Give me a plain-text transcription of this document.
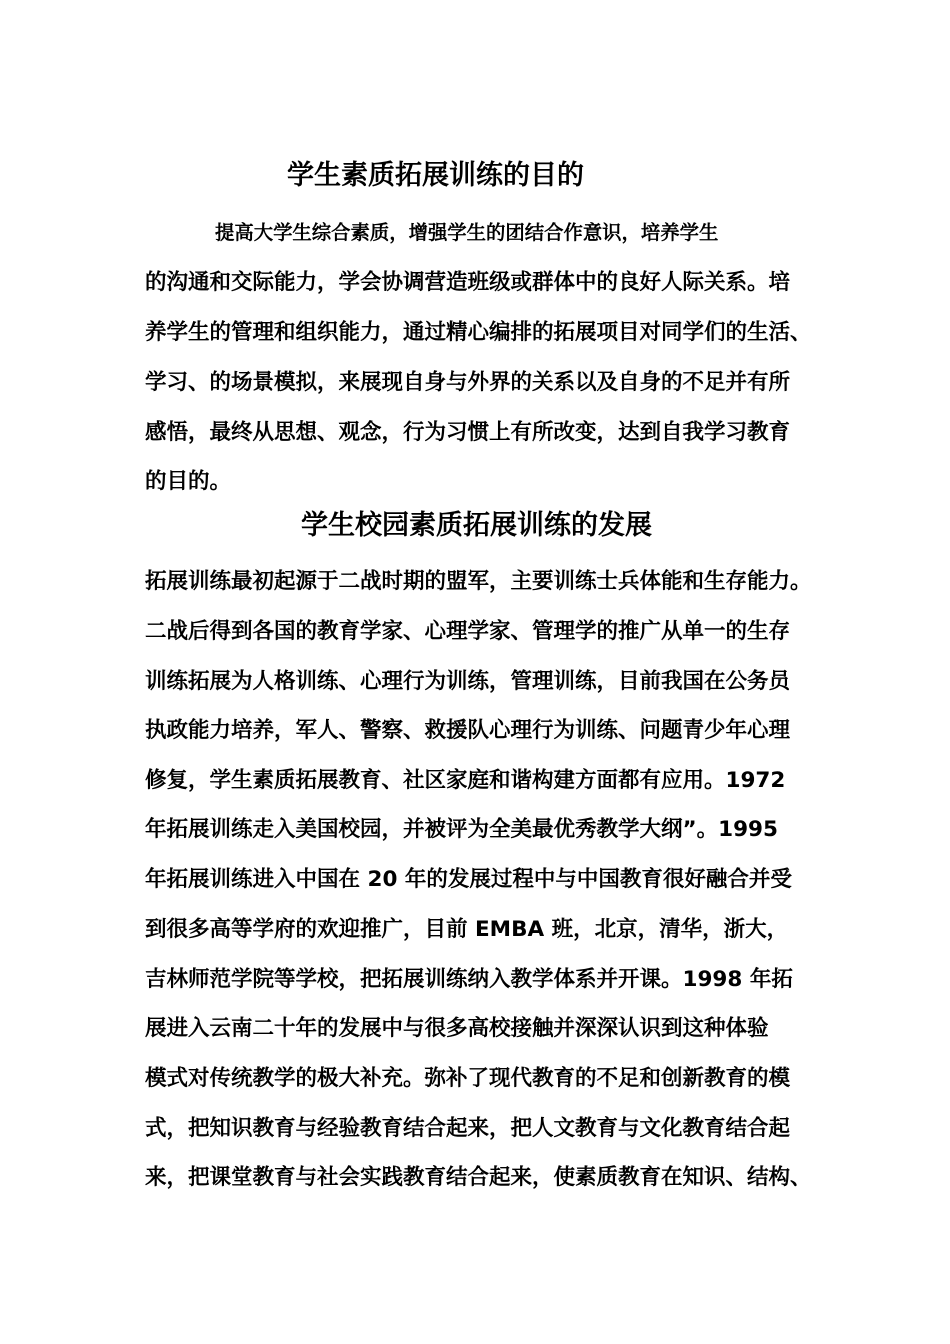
学生素质拓展训练的目的

提高大学生综合素质，增强学生的团结合作意识，培养学生

的沟通和交际能力，学会协调营造班级或群体中的良好人际关系。培

养学生的管理和组织能力，通过精心编排的拓展项目对同学们的生活、

学习、的场景模拟，来展现自身与外界的关系以及自身的不足并有所

感悟，最终从思想、观念，行为习惯上有所改变，达到自我学习教育

的目的。

学生校园素质拓展训练的发展

拓展训练最初起源于二战时期的盟军，主要训练士兵体能和生存能力。

二战后得到各国的教育学家、心理学家、管理学的推广从单一的生存

训练拓展为人格训练、心理行为训练，管理训练，目前我国在公务员

执政能力培养，军人、警察、救援队心理行为训练、问题青少年心理

修复，学生素质拓展教育、社区家庭和谐构建方面都有应用。1972

年拓展训练走入美国校园，并被评为全美最优秀教学大纲”。1995

年拓展训练进入中国在 20 年的发展过程中与中国教育很好融合并受

到很多高等学府的欢迎推广，目前 EMBA 班，北京，清华，浙大，

吉林师范学院等学校，把拓展训练纳入教学体系并开课。1998 年拓

展进入云南二十年的发展中与很多高校接触并深深认识到这种体验

模式对传统教学的极大补充。弥补了现代教育的不足和创新教育的模

式，把知识教育与经验教育结合起来，把人文教育与文化教育结合起

来，把课堂教育与社会实践教育结合起来，使素质教育在知识、结构、
